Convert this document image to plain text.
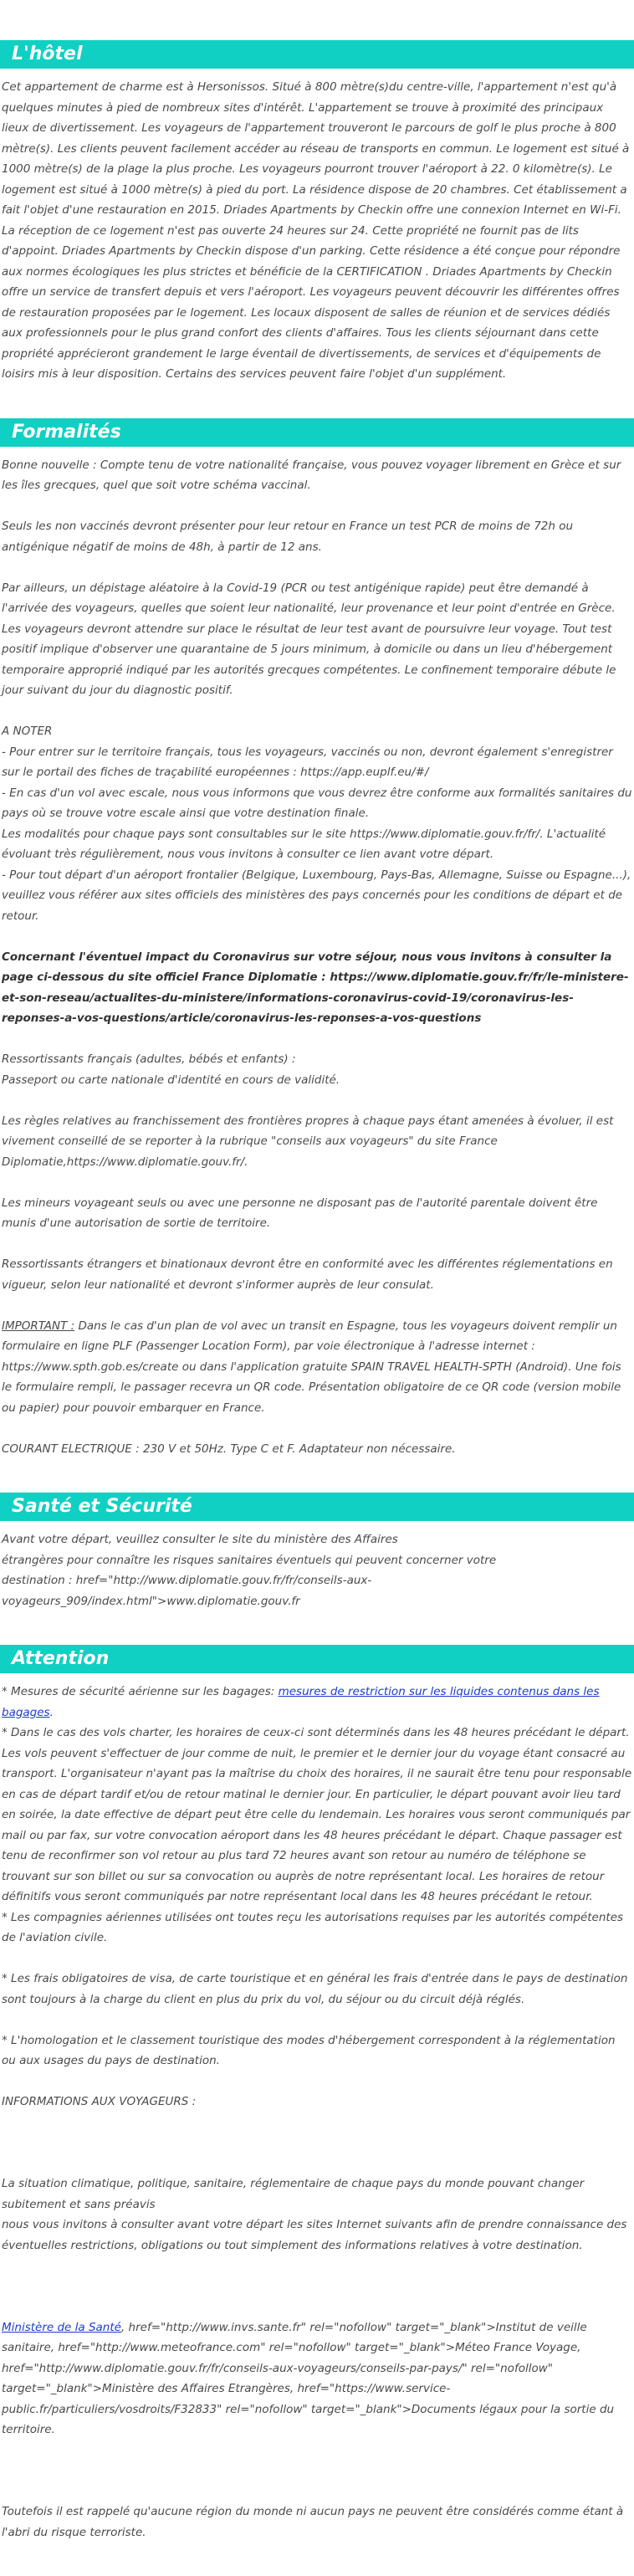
L'hôtel

Cet appartement de charme est à Hersonissos. Situé à 800 mètre(s)du centre-ville, l'appartement n'est qu'à quelques minutes à pied de nombreux sites d'intérêt. L'appartement se trouve à proximité des principaux lieux de divertissement. Les voyageurs de l'appartement trouveront le parcours de golf le plus proche à 800 mètre(s). Les clients peuvent facilement accéder au réseau de transports en commun. Le logement est situé à 1000 mètre(s) de la plage la plus proche. Les voyageurs pourront trouver l'aéroport à 22. 0 kilomètre(s). Le logement est situé à 1000 mètre(s) à pied du port. La résidence dispose de 20 chambres. Cet établissement a fait l'objet d'une restauration en 2015. Driades Apartments by Checkin offre une connexion Internet en Wi-Fi. La réception de ce logement n'est pas ouverte 24 heures sur 24. Cette propriété ne fournit pas de lits d'appoint. Driades Apartments by Checkin dispose d'un parking. Cette résidence a été conçue pour répondre aux normes écologiques les plus strictes et bénéficie de la CERTIFICATION . Driades Apartments by Checkin offre un service de transfert depuis et vers l'aéroport. Les voyageurs peuvent découvrir les différentes offres de restauration proposées par le logement. Les locaux disposent de salles de réunion et de services dédiés aux professionnels pour le plus grand confort des clients d'affaires. Tous les clients séjournant dans cette propriété apprécieront grandement le large éventail de divertissements, de services et d'équipements de loisirs mis à leur disposition. Certains des services peuvent faire l'objet d'un supplément.

Formalités

Bonne nouvelle : Compte tenu de votre nationalité française, vous pouvez voyager librement en Grèce et sur les îles grecques, quel que soit votre schéma vaccinal.

Seuls les non vaccinés devront présenter pour leur retour en France un test PCR de moins de 72h ou antigénique négatif de moins de 48h, à partir de 12 ans.

Par ailleurs, un dépistage aléatoire à la Covid-19 (PCR ou test antigénique rapide) peut être demandé à l'arrivée des voyageurs, quelles que soient leur nationalité, leur provenance et leur point d'entrée en Grèce. Les voyageurs devront attendre sur place le résultat de leur test avant de poursuivre leur voyage. Tout test positif implique d'observer une quarantaine de 5 jours minimum, à domicile ou dans un lieu d'hébergement temporaire approprié indiqué par les autorités grecques compétentes. Le confinement temporaire débute le jour suivant du jour du diagnostic positif.

A NOTER

- Pour entrer sur le territoire français, tous les voyageurs, vaccinés ou non, devront également s'enregistrer sur le portail des fiches de traçabilité européennes : https://app.euplf.eu/#/

- En cas d'un vol avec escale, nous vous informons que vous devrez être conforme aux formalités sanitaires du pays où se trouve votre escale ainsi que votre destination finale.

Les modalités pour chaque pays sont consultables sur le site https://www.diplomatie.gouv.fr/fr/. L'actualité évoluant très régulièrement, nous vous invitons à consulter ce lien avant votre départ.

- Pour tout départ d'un aéroport frontalier (Belgique, Luxembourg, Pays-Bas, Allemagne, Suisse ou Espagne...), veuillez vous référer aux sites officiels des ministères des pays concernés pour les conditions de départ et de retour.

Concernant l'éventuel impact du Coronavirus sur votre séjour, nous vous invitons à consulter la page ci-dessous du site officiel France Diplomatie : https://www.diplomatie.gouv.fr/fr/le-ministere-et-son-reseau/actualites-du-ministere/informations-coronavirus-covid-19/coronavirus-les-reponses-a-vos-questions/article/coronavirus-les-reponses-a-vos-questions

Ressortissants français (adultes, bébés et enfants) :

Passeport ou carte nationale d'identité en cours de validité.

Les règles relatives au franchissement des frontières propres à chaque pays étant amenées à évoluer, il est vivement conseillé de se reporter à la rubrique "conseils aux voyageurs" du site France Diplomatie,https://www.diplomatie.gouv.fr/.

Les mineurs voyageant seuls ou avec une personne ne disposant pas de l'autorité parentale doivent être munis d'une autorisation de sortie de territoire.

Ressortissants étrangers et binationaux devront être en conformité avec les différentes réglementations en vigueur, selon leur nationalité et devront s'informer auprès de leur consulat.

IMPORTANT : Dans le cas d'un plan de vol avec un transit en Espagne, tous les voyageurs doivent remplir un formulaire en ligne PLF (Passenger Location Form), par voie électronique à l'adresse internet : https://www.spth.gob.es/create ou dans l'application gratuite SPAIN TRAVEL HEALTH-SPTH (Android). Une fois le formulaire rempli, le passager recevra un QR code. Présentation obligatoire de ce QR code (version mobile ou papier) pour pouvoir embarquer en France.

COURANT ELECTRIQUE : 230 V et 50Hz. Type C et F. Adaptateur non nécessaire.

Santé et Sécurité

Avant votre départ, veuillez consulter le site du ministère des Affaires

étrangères pour connaître les risques sanitaires éventuels qui peuvent concerner votre

destination : href="http://www.diplomatie.gouv.fr/fr/conseils-aux-voyageurs_909/index.html">www.diplomatie.gouv.fr

Attention

* Mesures de sécurité aérienne sur les bagages: mesures de restriction sur les liquides contenus dans les bagages.

* Dans le cas des vols charter, les horaires de ceux-ci sont déterminés dans les 48 heures précédant le départ. Les vols peuvent s'effectuer de jour comme de nuit, le premier et le dernier jour du voyage étant consacré au transport. L'organisateur n'ayant pas la maîtrise du choix des horaires, il ne saurait être tenu pour responsable en cas de départ tardif et/ou de retour matinal le dernier jour. En particulier, le départ pouvant avoir lieu tard en soirée, la date effective de départ peut être celle du lendemain. Les horaires vous seront communiqués par mail ou par fax, sur votre convocation aéroport dans les 48 heures précédant le départ. Chaque passager est tenu de reconfirmer son vol retour au plus tard 72 heures avant son retour au numéro de téléphone se trouvant sur son billet ou sur sa convocation ou auprès de notre représentant local. Les horaires de retour définitifs vous seront communiqués par notre représentant local dans les 48 heures précédant le retour.

* Les compagnies aériennes utilisées ont toutes reçu les autorisations requises par les autorités compétentes de l'aviation civile.

* Les frais obligatoires de visa, de carte touristique et en général les frais d'entrée dans le pays de destination sont toujours à la charge du client en plus du prix du vol, du séjour ou du circuit déjà réglés.

* L'homologation et le classement touristique des modes d'hébergement correspondent à la réglementation ou aux usages du pays de destination.

INFORMATIONS AUX VOYAGEURS :

La situation climatique, politique, sanitaire, réglementaire de chaque pays du monde pouvant changer subitement et sans préavis

nous vous invitons à consulter avant votre départ les sites Internet suivants afin de prendre connaissance des éventuelles restrictions, obligations ou tout simplement des informations relatives à votre destination.

Ministère de la Santé, href="http://www.invs.sante.fr" rel="nofollow" target="_blank">Institut de veille sanitaire, href="http://www.meteofrance.com" rel="nofollow" target="_blank">Méteo France Voyage, href="http://www.diplomatie.gouv.fr/fr/conseils-aux-voyageurs/conseils-par-pays/" rel="nofollow" target="_blank">Ministère des Affaires Etrangères, href="https://www.service-public.fr/particuliers/vosdroits/F32833" rel="nofollow" target="_blank">Documents légaux pour la sortie du territoire.

Toutefois il est rappelé qu'aucune région du monde ni aucun pays ne peuvent être considérés comme étant à l'abri du risque terroriste.
